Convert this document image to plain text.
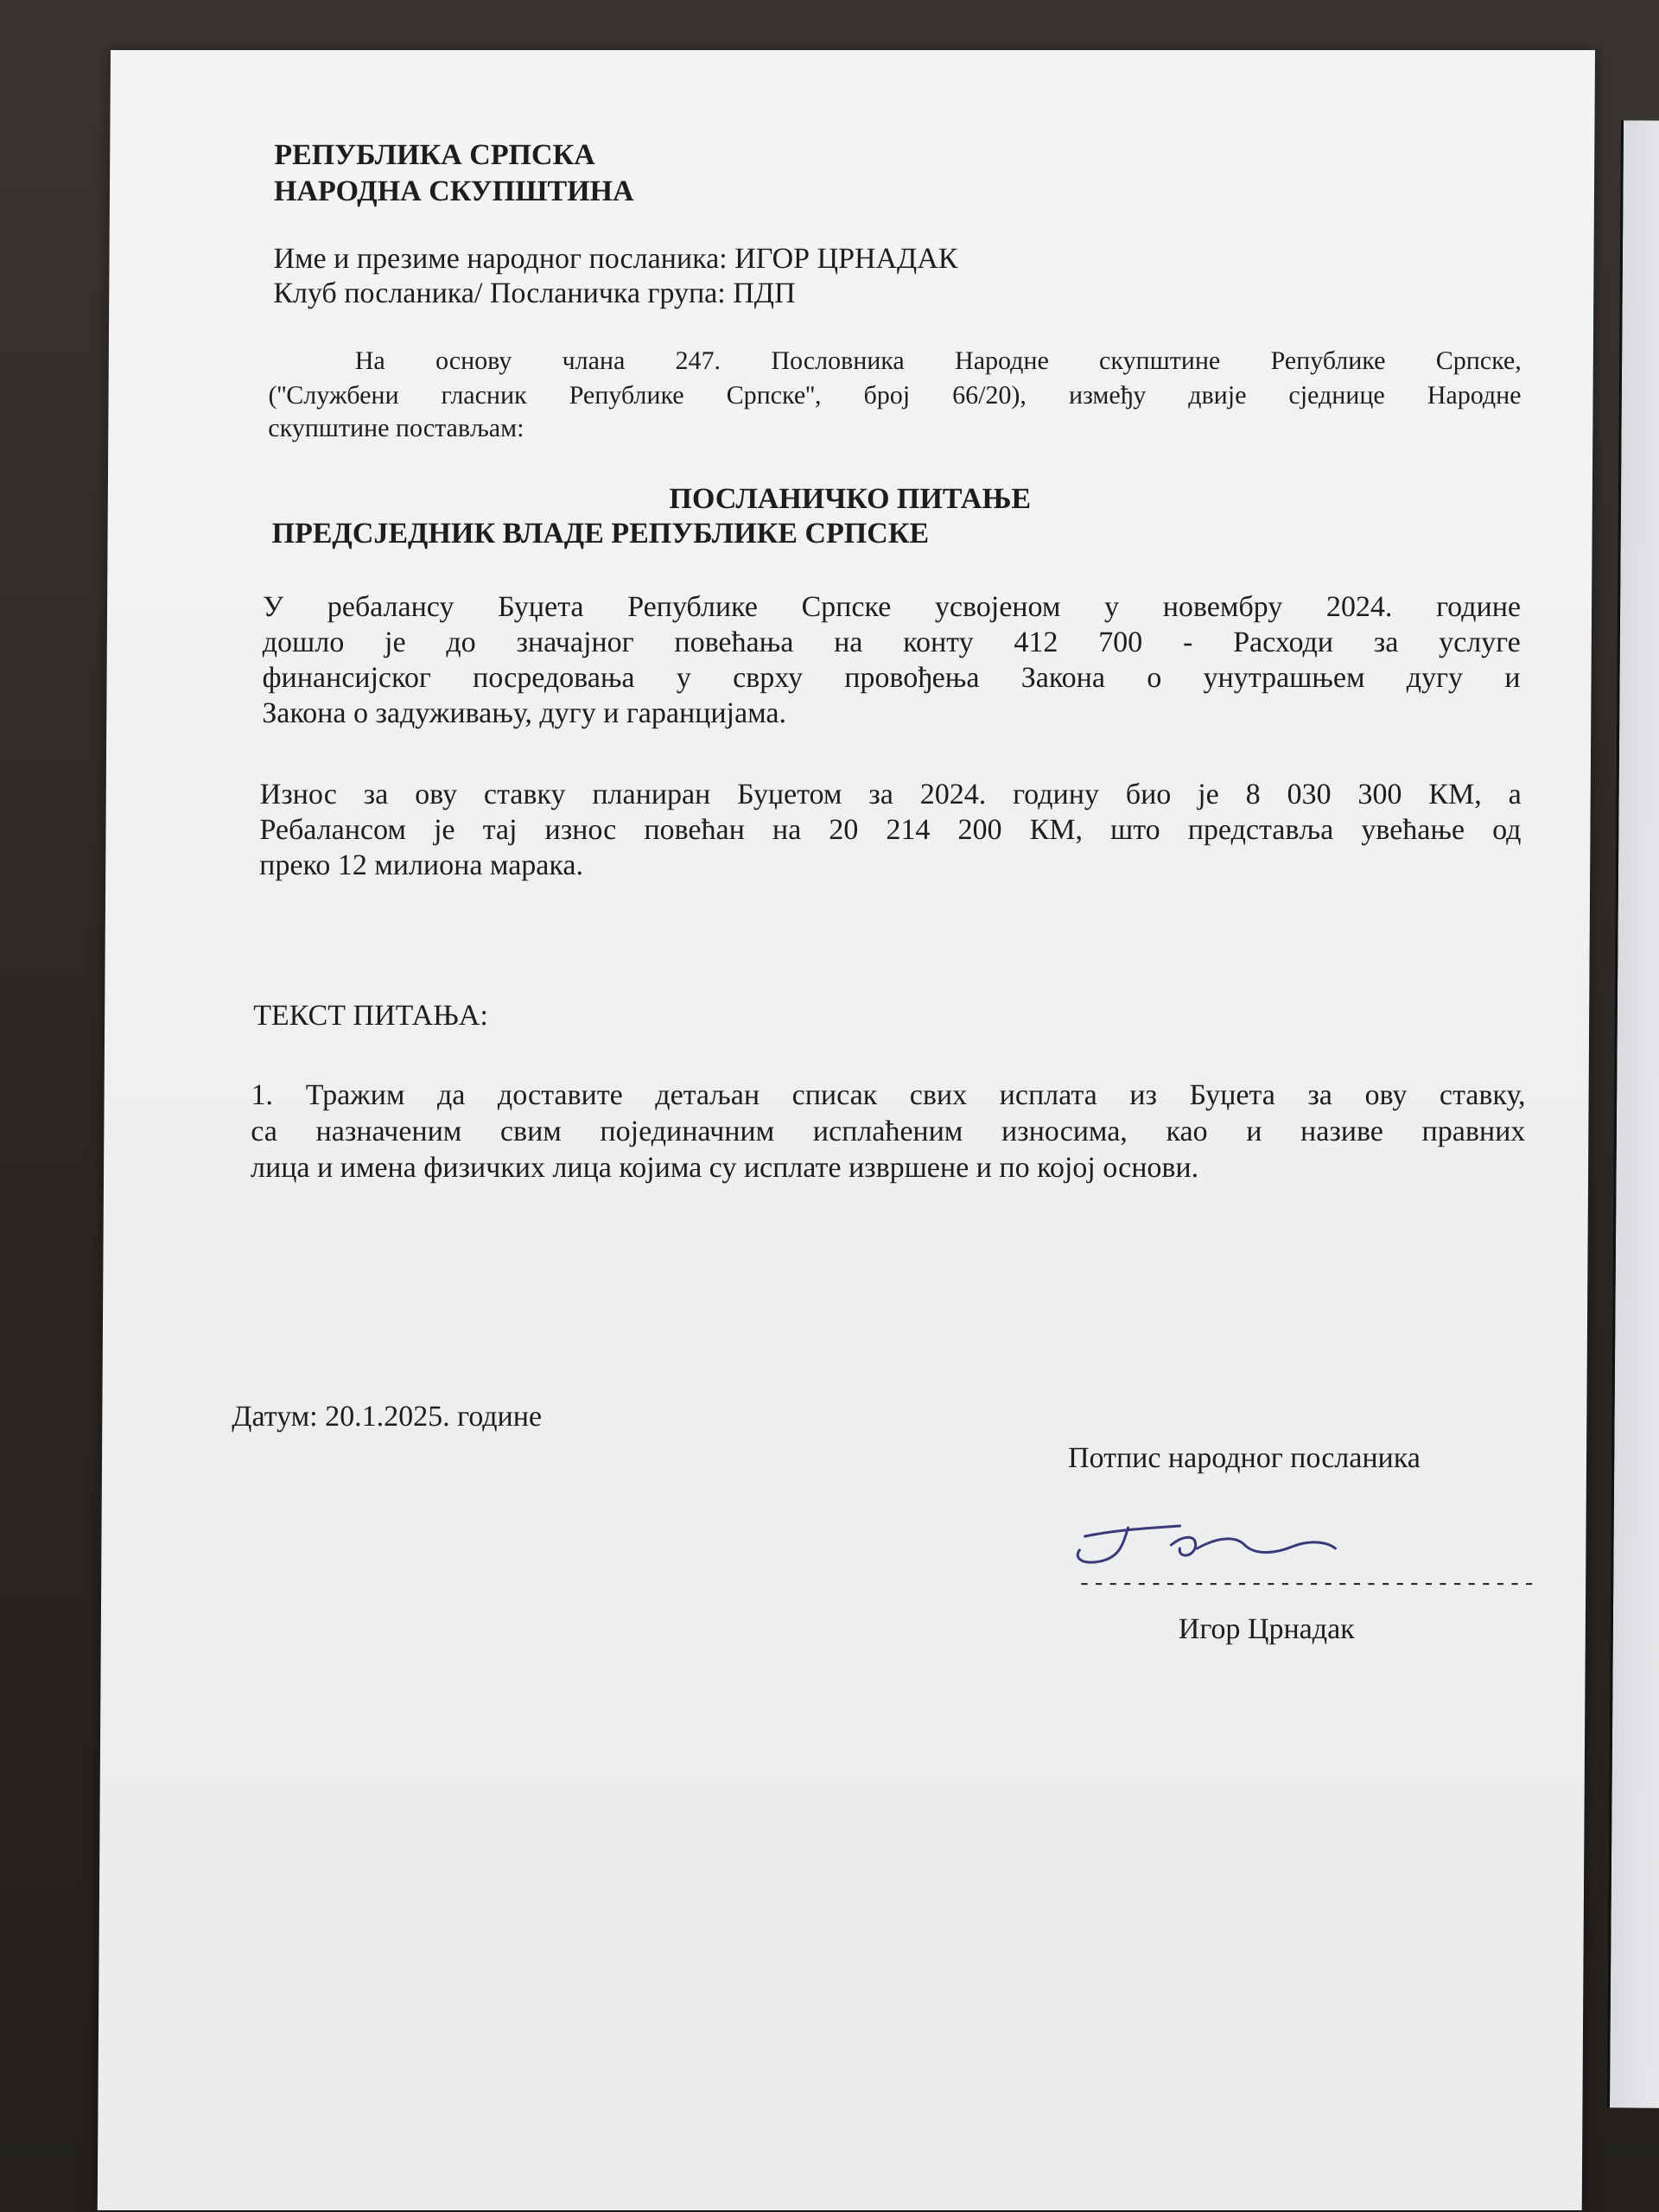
РЕПУБЛИКА СРПСКА
НАРОДНА СКУПШТИНА
Име и презиме народног посланика: ИГОР ЦРНАДАК
Клуб посланика/ Посланичка група: ПДП
На основу члана 247. Пословника Народне скупштине Републике Српске,
(''Службени гласник Републике Српске'', број 66/20), између двије сједнице Народне
скупштине постављам:
ПОСЛАНИЧКО ПИТАЊЕ
ПРЕДСЈЕДНИК ВЛАДЕ РЕПУБЛИКЕ СРПСКЕ
У ребалансу Буџета Републике Српске усвојеном у новембру 2024. године
дошло је до значајног повећања на конту 412 700 - Расходи за услуге
финансијског посредовања у сврху провођења Закона о унутрашњем дугу и
Закона о задуживању, дугу и гаранцијама.
Износ за ову ставку планиран Буџетом за 2024. годину био је 8 030 300 КМ, а
Ребалансом је тај износ повећан на 20 214 200 КМ, што представља увећање од
преко 12 милиона марака.
ТЕКСТ ПИТАЊА:
1. Тражим да доставите детаљан списак свих исплата из Буџета за ову ставку,
са назначеним свим појединачним исплаћеним износима, као и називе правних
лица и имена физичких лица којима су исплате извршене и по којој основи.
Датум: 20.1.2025. године
Потпис народног посланика
--------------------------------
Игор Црнадак
